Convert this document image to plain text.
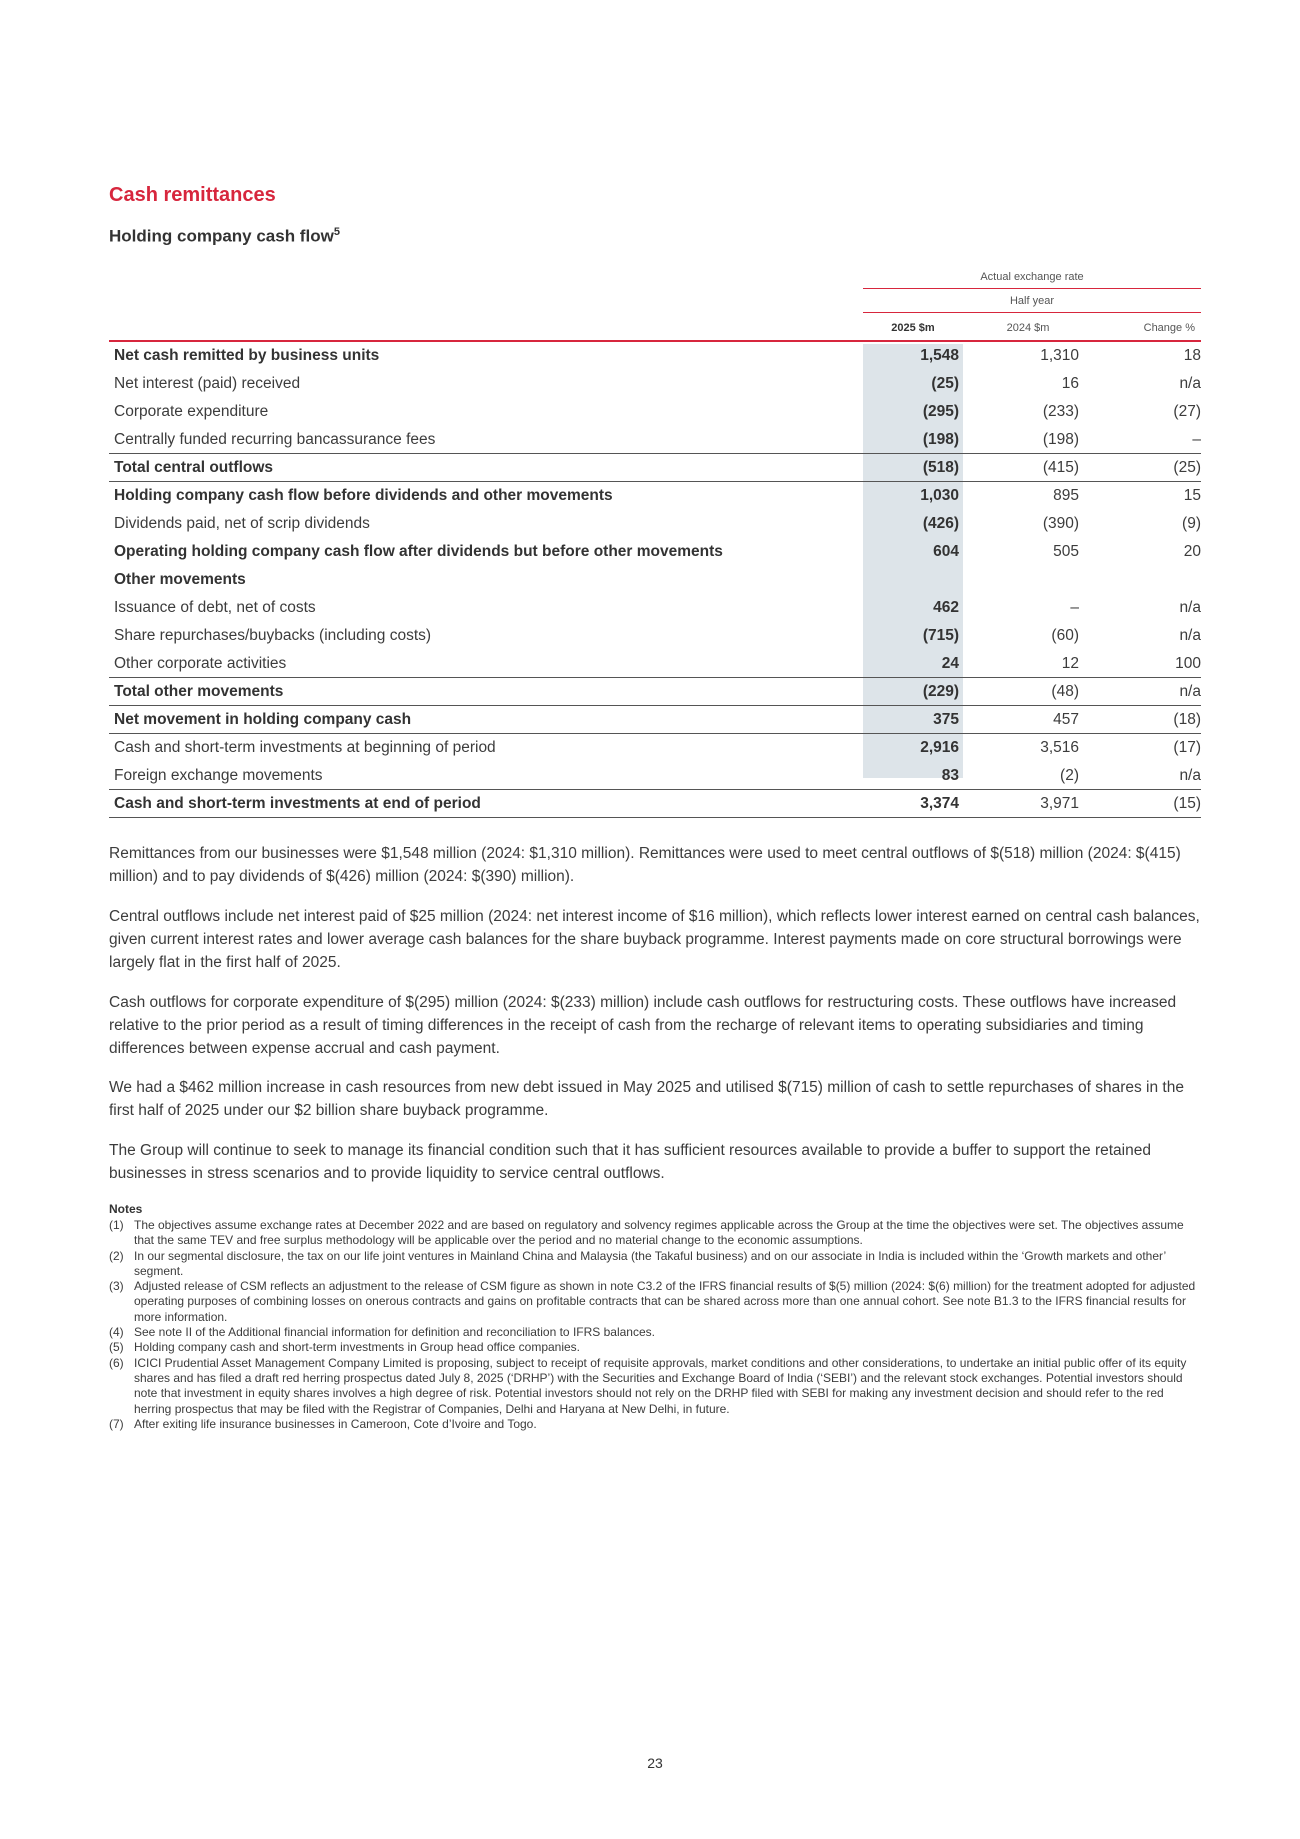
Cash remittances
Holding company cash flow$^5$
Actual exchange rate
Half year
2025 $m	2024 $m	Change %
Net cash remitted by business units	1,548	1,310	18
Net interest (paid) received	(25)	16	n/a
Corporate expenditure	(295)	(233)	(27)
Centrally funded recurring bancassurance fees	(198)	(198)	–
Total central outflows	(518)	(415)	(25)
Holding company cash flow before dividends and other movements	1,030	895	15
Dividends paid, net of scrip dividends	(426)	(390)	(9)
Operating holding company cash flow after dividends but before other movements	604	505	20
Other movements
Issuance of debt, net of costs	462	–	n/a
Share repurchases/buybacks (including costs)	(715)	(60)	n/a
Other corporate activities	24	12	100
Total other movements	(229)	(48)	n/a
Net movement in holding company cash	375	457	(18)
Cash and short-term investments at beginning of period	2,916	3,516	(17)
Foreign exchange movements	83	(2)	n/a
Cash and short-term investments at end of period	3,374	3,971	(15)

Remittances from our businesses were $1,548 million (2024: $1,310 million). Remittances were used to meet central outflows of $(518) million (2024: $(415) million) and to pay dividends of $(426) million (2024: $(390) million).

Central outflows include net interest paid of $25 million (2024: net interest income of $16 million), which reflects lower interest earned on central cash balances, given current interest rates and lower average cash balances for the share buyback programme. Interest payments made on core structural borrowings were largely flat in the first half of 2025.

Cash outflows for corporate expenditure of $(295) million (2024: $(233) million) include cash outflows for restructuring costs. These outflows have increased relative to the prior period as a result of timing differences in the receipt of cash from the recharge of relevant items to operating subsidiaries and timing differences between expense accrual and cash payment.

We had a $462 million increase in cash resources from new debt issued in May 2025 and utilised $(715) million of cash to settle repurchases of shares in the first half of 2025 under our $2 billion share buyback programme.

The Group will continue to seek to manage its financial condition such that it has sufficient resources available to provide a buffer to support the retained businesses in stress scenarios and to provide liquidity to service central outflows.

Notes
(1) The objectives assume exchange rates at December 2022 and are based on regulatory and solvency regimes applicable across the Group at the time the objectives were set. The objectives assume that the same TEV and free surplus methodology will be applicable over the period and no material change to the economic assumptions.
(2) In our segmental disclosure, the tax on our life joint ventures in Mainland China and Malaysia (the Takaful business) and on our associate in India is included within the ‘Growth markets and other’ segment.
(3) Adjusted release of CSM reflects an adjustment to the release of CSM figure as shown in note C3.2 of the IFRS financial results of $(5) million (2024: $(6) million) for the treatment adopted for adjusted operating purposes of combining losses on onerous contracts and gains on profitable contracts that can be shared across more than one annual cohort. See note B1.3 to the IFRS financial results for more information.
(4) See note II of the Additional financial information for definition and reconciliation to IFRS balances.
(5) Holding company cash and short-term investments in Group head office companies.
(6) ICICI Prudential Asset Management Company Limited is proposing, subject to receipt of requisite approvals, market conditions and other considerations, to undertake an initial public offer of its equity shares and has filed a draft red herring prospectus dated July 8, 2025 (‘DRHP’) with the Securities and Exchange Board of India (‘SEBI’) and the relevant stock exchanges. Potential investors should note that investment in equity shares involves a high degree of risk. Potential investors should not rely on the DRHP filed with SEBI for making any investment decision and should refer to the red herring prospectus that may be filed with the Registrar of Companies, Delhi and Haryana at New Delhi, in future.
(7) After exiting life insurance businesses in Cameroon, Cote d’Ivoire and Togo.
23
